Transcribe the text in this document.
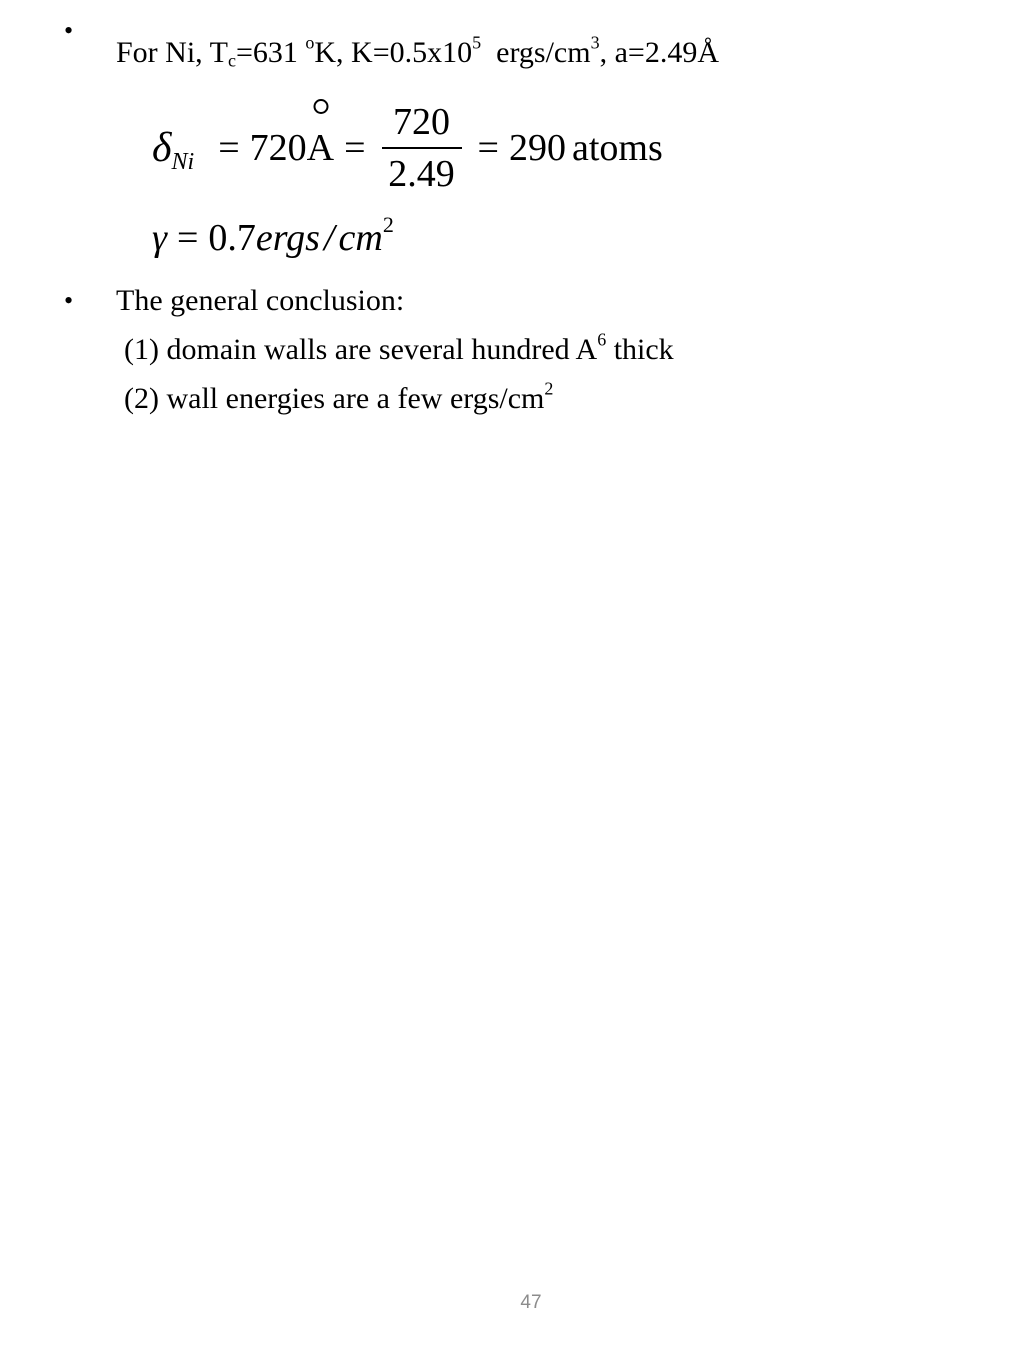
•
For Ni, $T_c=631$ $^o$K, $K=0.5x10^5$  ergs/$cm^3$, a=2.49Å
δ $Ni = 720A = \frac{720}{2.49} = 290$ atoms
γ = 0.7ergs / $cm^2$
• The general conclusion:
(1) domain walls are several hundred $A^6$ thick
(2) wall energies are a few ergs/$cm^2$
47
